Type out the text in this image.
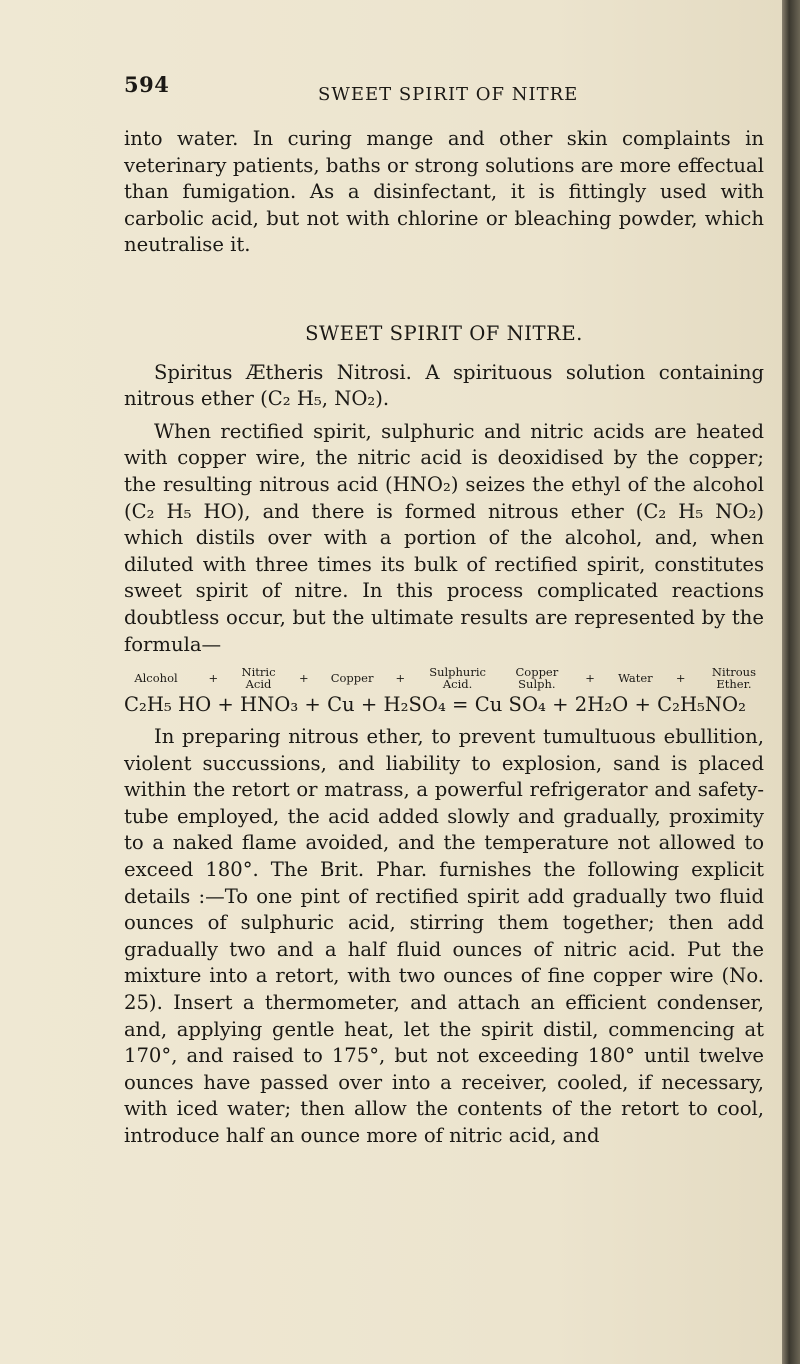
594	SWEET SPIRIT OF NITRE

into water. In curing mange and other skin complaints in veterinary patients, baths or strong solutions are more effectual than fumigation. As a disinfectant, it is fittingly used with carbolic acid, but not with chlorine or bleaching powder, which neutralise it.

SWEET SPIRIT OF NITRE.

Spiritus Ætheris Nitrosi. A spirituous solution containing nitrous ether (C₂ H₅, NO₂).

When rectified spirit, sulphuric and nitric acids are heated with copper wire, the nitric acid is deoxidised by the copper; the resulting nitrous acid (HNO₂) seizes the ethyl of the alcohol (C₂ H₅ HO), and there is formed nitrous ether (C₂ H₅ NO₂) which distils over with a portion of the alcohol, and, when diluted with three times its bulk of rectified spirit, constitutes sweet spirit of nitre. In this process complicated reactions doubtless occur, but the ultimate results are represented by the formula—

Alcohol	+ Nitric Acid	+ Copper +	Sulphuric Acid.
Copper Sulph.	+ Water +	Nitrous Ether.
C₂H₅ HO + HNO₃ + Cu + H₂SO₄ = Cu SO₄ + 2H₂O + C₂H₅NO₂

In preparing nitrous ether, to prevent tumultuous ebullition, violent succussions, and liability to explosion, sand is placed within the retort or matrass, a powerful refrigerator and safety-tube employed, the acid added slowly and gradually, proximity to a naked flame avoided, and the temperature not allowed to exceed 180°. The Brit. Phar. furnishes the following explicit details :—To one pint of rectified spirit add gradually two fluid ounces of sulphuric acid, stirring them together; then add gradually two and a half fluid ounces of nitric acid. Put the mixture into a retort, with two ounces of fine copper wire (No. 25). Insert a thermometer, and attach an efficient condenser, and, applying gentle heat, let the spirit distil, commencing at 170°, and raised to 175°, but not exceeding 180° until twelve ounces have passed over into a receiver, cooled, if necessary, with iced water; then allow the contents of the retort to cool, introduce half an ounce more of nitric acid, and
